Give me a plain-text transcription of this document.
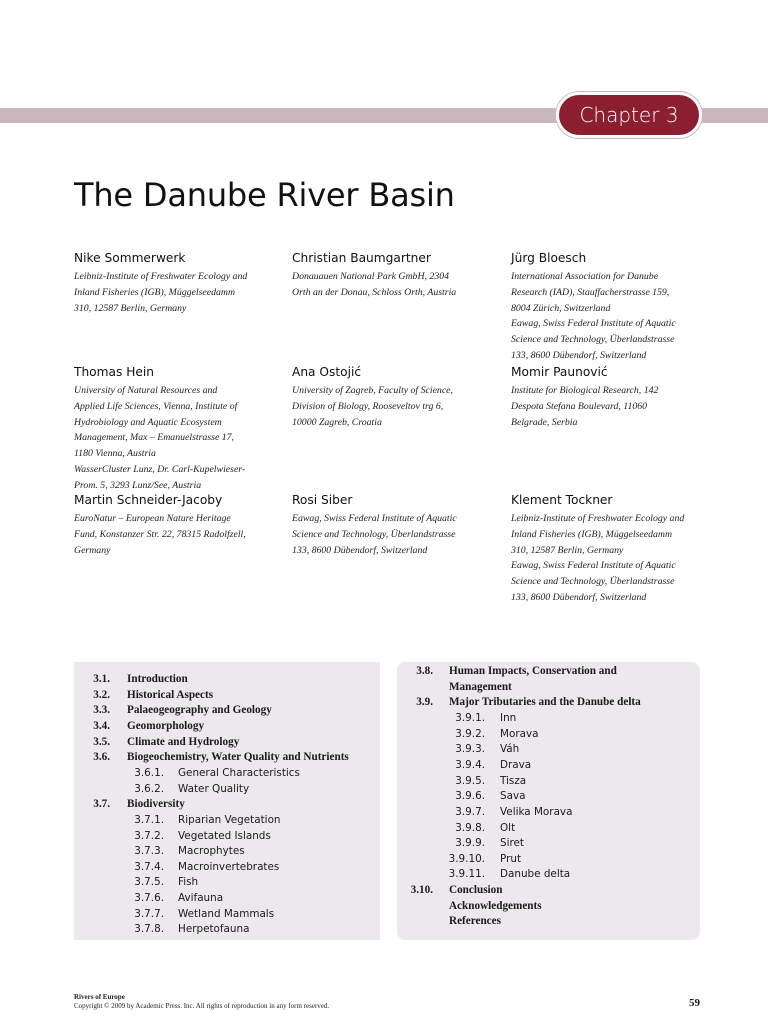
Chapter 3
The Danube River Basin
Nike Sommerwerk
Leibniz-Institute of Freshwater Ecology and
Inland Fisheries (IGB), Müggelseedamm
310, 12587 Berlin, Germany
Christian Baumgartner
Donauauen National Park GmbH, 2304
Orth an der Donau, Schloss Orth, Austria
Jürg Bloesch
International Association for Danube
Research (IAD), Stauffacherstrasse 159,
8004 Zürich, Switzerland
Eawag, Swiss Federal Institute of Aquatic
Science and Technology, Überlandstrasse
133, 8600 Dübendorf, Switzerland
Thomas Hein
University of Natural Resources and
Applied Life Sciences, Vienna, Institute of
Hydrobiology and Aquatic Ecosystem
Management, Max – Emanuelstrasse 17,
1180 Vienna, Austria
WasserCluster Lunz, Dr. Carl-Kupelwieser-
Prom. 5, 3293 Lunz/See, Austria
Ana Ostojić
University of Zagreb, Faculty of Science,
Division of Biology, Rooseveltov trg 6,
10000 Zagreb, Croatia
Momir Paunović
Institute for Biological Research, 142
Despota Stefana Boulevard, 11060
Belgrade, Serbia
Martin Schneider-Jacoby
EuroNatur – European Nature Heritage
Fund, Konstanzer Str. 22, 78315 Radolfzell,
Germany
Rosi Siber
Eawag, Swiss Federal Institute of Aquatic
Science and Technology, Überlandstrasse
133, 8600 Dübendorf, Switzerland
Klement Tockner
Leibniz-Institute of Freshwater Ecology and
Inland Fisheries (IGB), Müggelseedamm
310, 12587 Berlin, Germany
Eawag, Swiss Federal Institute of Aquatic
Science and Technology, Überlandstrasse
133, 8600 Dübendorf, Switzerland
3.1. Introduction
3.2. Historical Aspects
3.3. Palaeogeography and Geology
3.4. Geomorphology
3.5. Climate and Hydrology
3.6. Biogeochemistry, Water Quality and Nutrients
3.6.1. General Characteristics
3.6.2. Water Quality
3.7. Biodiversity
3.7.1. Riparian Vegetation
3.7.2. Vegetated Islands
3.7.3. Macrophytes
3.7.4. Macroinvertebrates
3.7.5. Fish
3.7.6. Avifauna
3.7.7. Wetland Mammals
3.7.8. Herpetofauna
3.8. Human Impacts, Conservation and
Management
3.9. Major Tributaries and the Danube delta
3.9.1. Inn
3.9.2. Morava
3.9.3. Váh
3.9.4. Drava
3.9.5. Tisza
3.9.6. Sava
3.9.7. Velika Morava
3.9.8. Olt
3.9.9. Siret
3.9.10. Prut
3.9.11. Danube delta
3.10. Conclusion
Acknowledgements
References
Rivers of Europe
Copyright © 2009 by Academic Press. Inc. All rights of reproduction in any form reserved.	59
